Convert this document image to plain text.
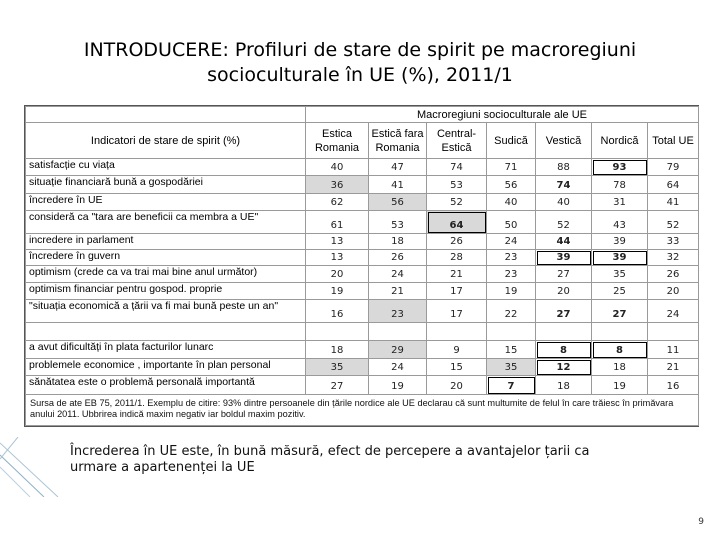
INTRODUCERE: Profiluri de stare de spirit pe macroregiuni
socioculturale în UE (%), 2011/1
	Macroregiuni socioculturale ale UE						
Indicatori de stare de spirit (%)	Estica Romania	Estică fara Romania	Central-Estică	Sudică	Vestică	Nordică	Total UE
satisfacție cu viața	40	47	74	71	88	93	79
situație financiară bună a gospodăriei	36	41	53	56	74	78	64
încredere în UE	62	56	52	40	40	31	41
consideră ca "tara are beneficii ca membra a UE"	61	53	64	50	52	43	52
incredere in parlament	13	18	26	24	44	39	33
încredere în guvern	13	26	28	23	39	39	32
optimism (crede ca va trai mai bine anul următor)	20	24	21	23	27	35	26
optimism financiar pentru gospod. proprie	19	21	17	19	20	25	20
"situația economică a țării va fi mai bună peste un an"	16	23	17	22	27	27	24

a avut dificultăți în plata facturilor lunarc	18	29	9	15	8	8	11
problemele economice , importante în plan personal	35	24	15	35	12	18	21
sănătatea este o problemă personală importantă	27	19	20	7	18	19	16
Sursa de ate EB 75, 2011/1. Exemplu de citire: 93% dintre persoanele din țările nordice ale UE declarau că sunt multumite de felul în care trăiesc în primăvara anului 2011. Ubbrirea indică maxim negativ iar boldul maxim pozitiv.							
Încrederea în UE este, în bună măsură, efect de percepere a avantajelor țarii ca urmare a apartenenței la UE
9
